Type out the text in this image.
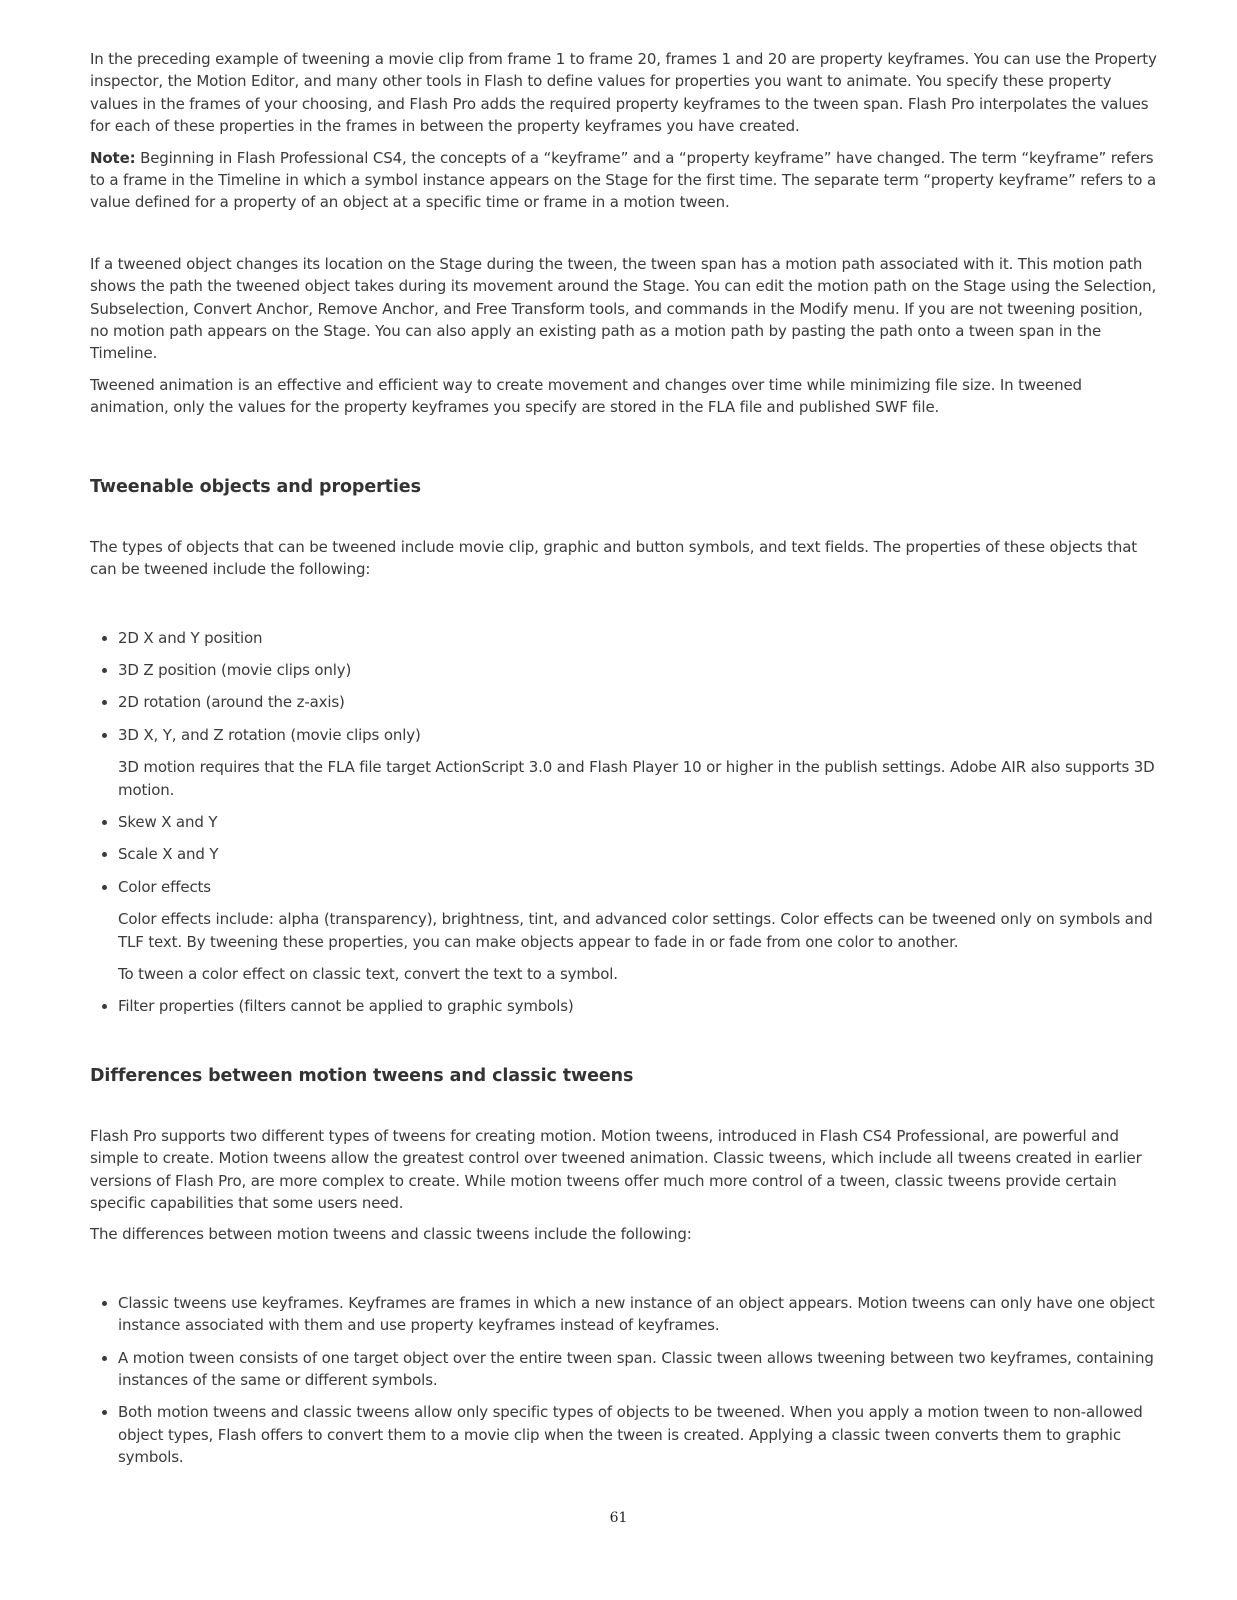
In the preceding example of tweening a movie clip from frame 1 to frame 20, frames 1 and 20 are property keyframes. You can use the Property inspector, the Motion Editor, and many other tools in Flash to define values for properties you want to animate. You specify these property values in the frames of your choosing, and Flash Pro adds the required property keyframes to the tween span. Flash Pro interpolates the values for each of these properties in the frames in between the property keyframes you have created.

Note: Beginning in Flash Professional CS4, the concepts of a “keyframe” and a “property keyframe” have changed. The term “keyframe” refers to a frame in the Timeline in which a symbol instance appears on the Stage for the first time. The separate term “property keyframe” refers to a value defined for a property of an object at a specific time or frame in a motion tween.

If a tweened object changes its location on the Stage during the tween, the tween span has a motion path associated with it. This motion path shows the path the tweened object takes during its movement around the Stage. You can edit the motion path on the Stage using the Selection, Subselection, Convert Anchor, Remove Anchor, and Free Transform tools, and commands in the Modify menu. If you are not tweening position, no motion path appears on the Stage. You can also apply an existing path as a motion path by pasting the path onto a tween span in the Timeline.

Tweened animation is an effective and efficient way to create movement and changes over time while minimizing file size. In tweened animation, only the values for the property keyframes you specify are stored in the FLA file and published SWF file.

Tweenable objects and properties

The types of objects that can be tweened include movie clip, graphic and button symbols, and text fields. The properties of these objects that can be tweened include the following:

• 2D X and Y position
• 3D Z position (movie clips only)
• 2D rotation (around the z-axis)
• 3D X, Y, and Z rotation (movie clips only)
3D motion requires that the FLA file target ActionScript 3.0 and Flash Player 10 or higher in the publish settings. Adobe AIR also supports 3D motion.
• Skew X and Y
• Scale X and Y
• Color effects
Color effects include: alpha (transparency), brightness, tint, and advanced color settings. Color effects can be tweened only on symbols and TLF text. By tweening these properties, you can make objects appear to fade in or fade from one color to another.
To tween a color effect on classic text, convert the text to a symbol.
• Filter properties (filters cannot be applied to graphic symbols)
Differences between motion tweens and classic tweens

Flash Pro supports two different types of tweens for creating motion. Motion tweens, introduced in Flash CS4 Professional, are powerful and simple to create. Motion tweens allow the greatest control over tweened animation. Classic tweens, which include all tweens created in earlier versions of Flash Pro, are more complex to create. While motion tweens offer much more control of a tween, classic tweens provide certain specific capabilities that some users need.

The differences between motion tweens and classic tweens include the following:

• Classic tweens use keyframes. Keyframes are frames in which a new instance of an object appears. Motion tweens can only have one object instance associated with them and use property keyframes instead of keyframes.
• A motion tween consists of one target object over the entire tween span. Classic tween allows tweening between two keyframes, containing instances of the same or different symbols.
• Both motion tweens and classic tweens allow only specific types of objects to be tweened. When you apply a motion tween to non-allowed object types, Flash offers to convert them to a movie clip when the tween is created. Applying a classic tween converts them to graphic symbols.
61
